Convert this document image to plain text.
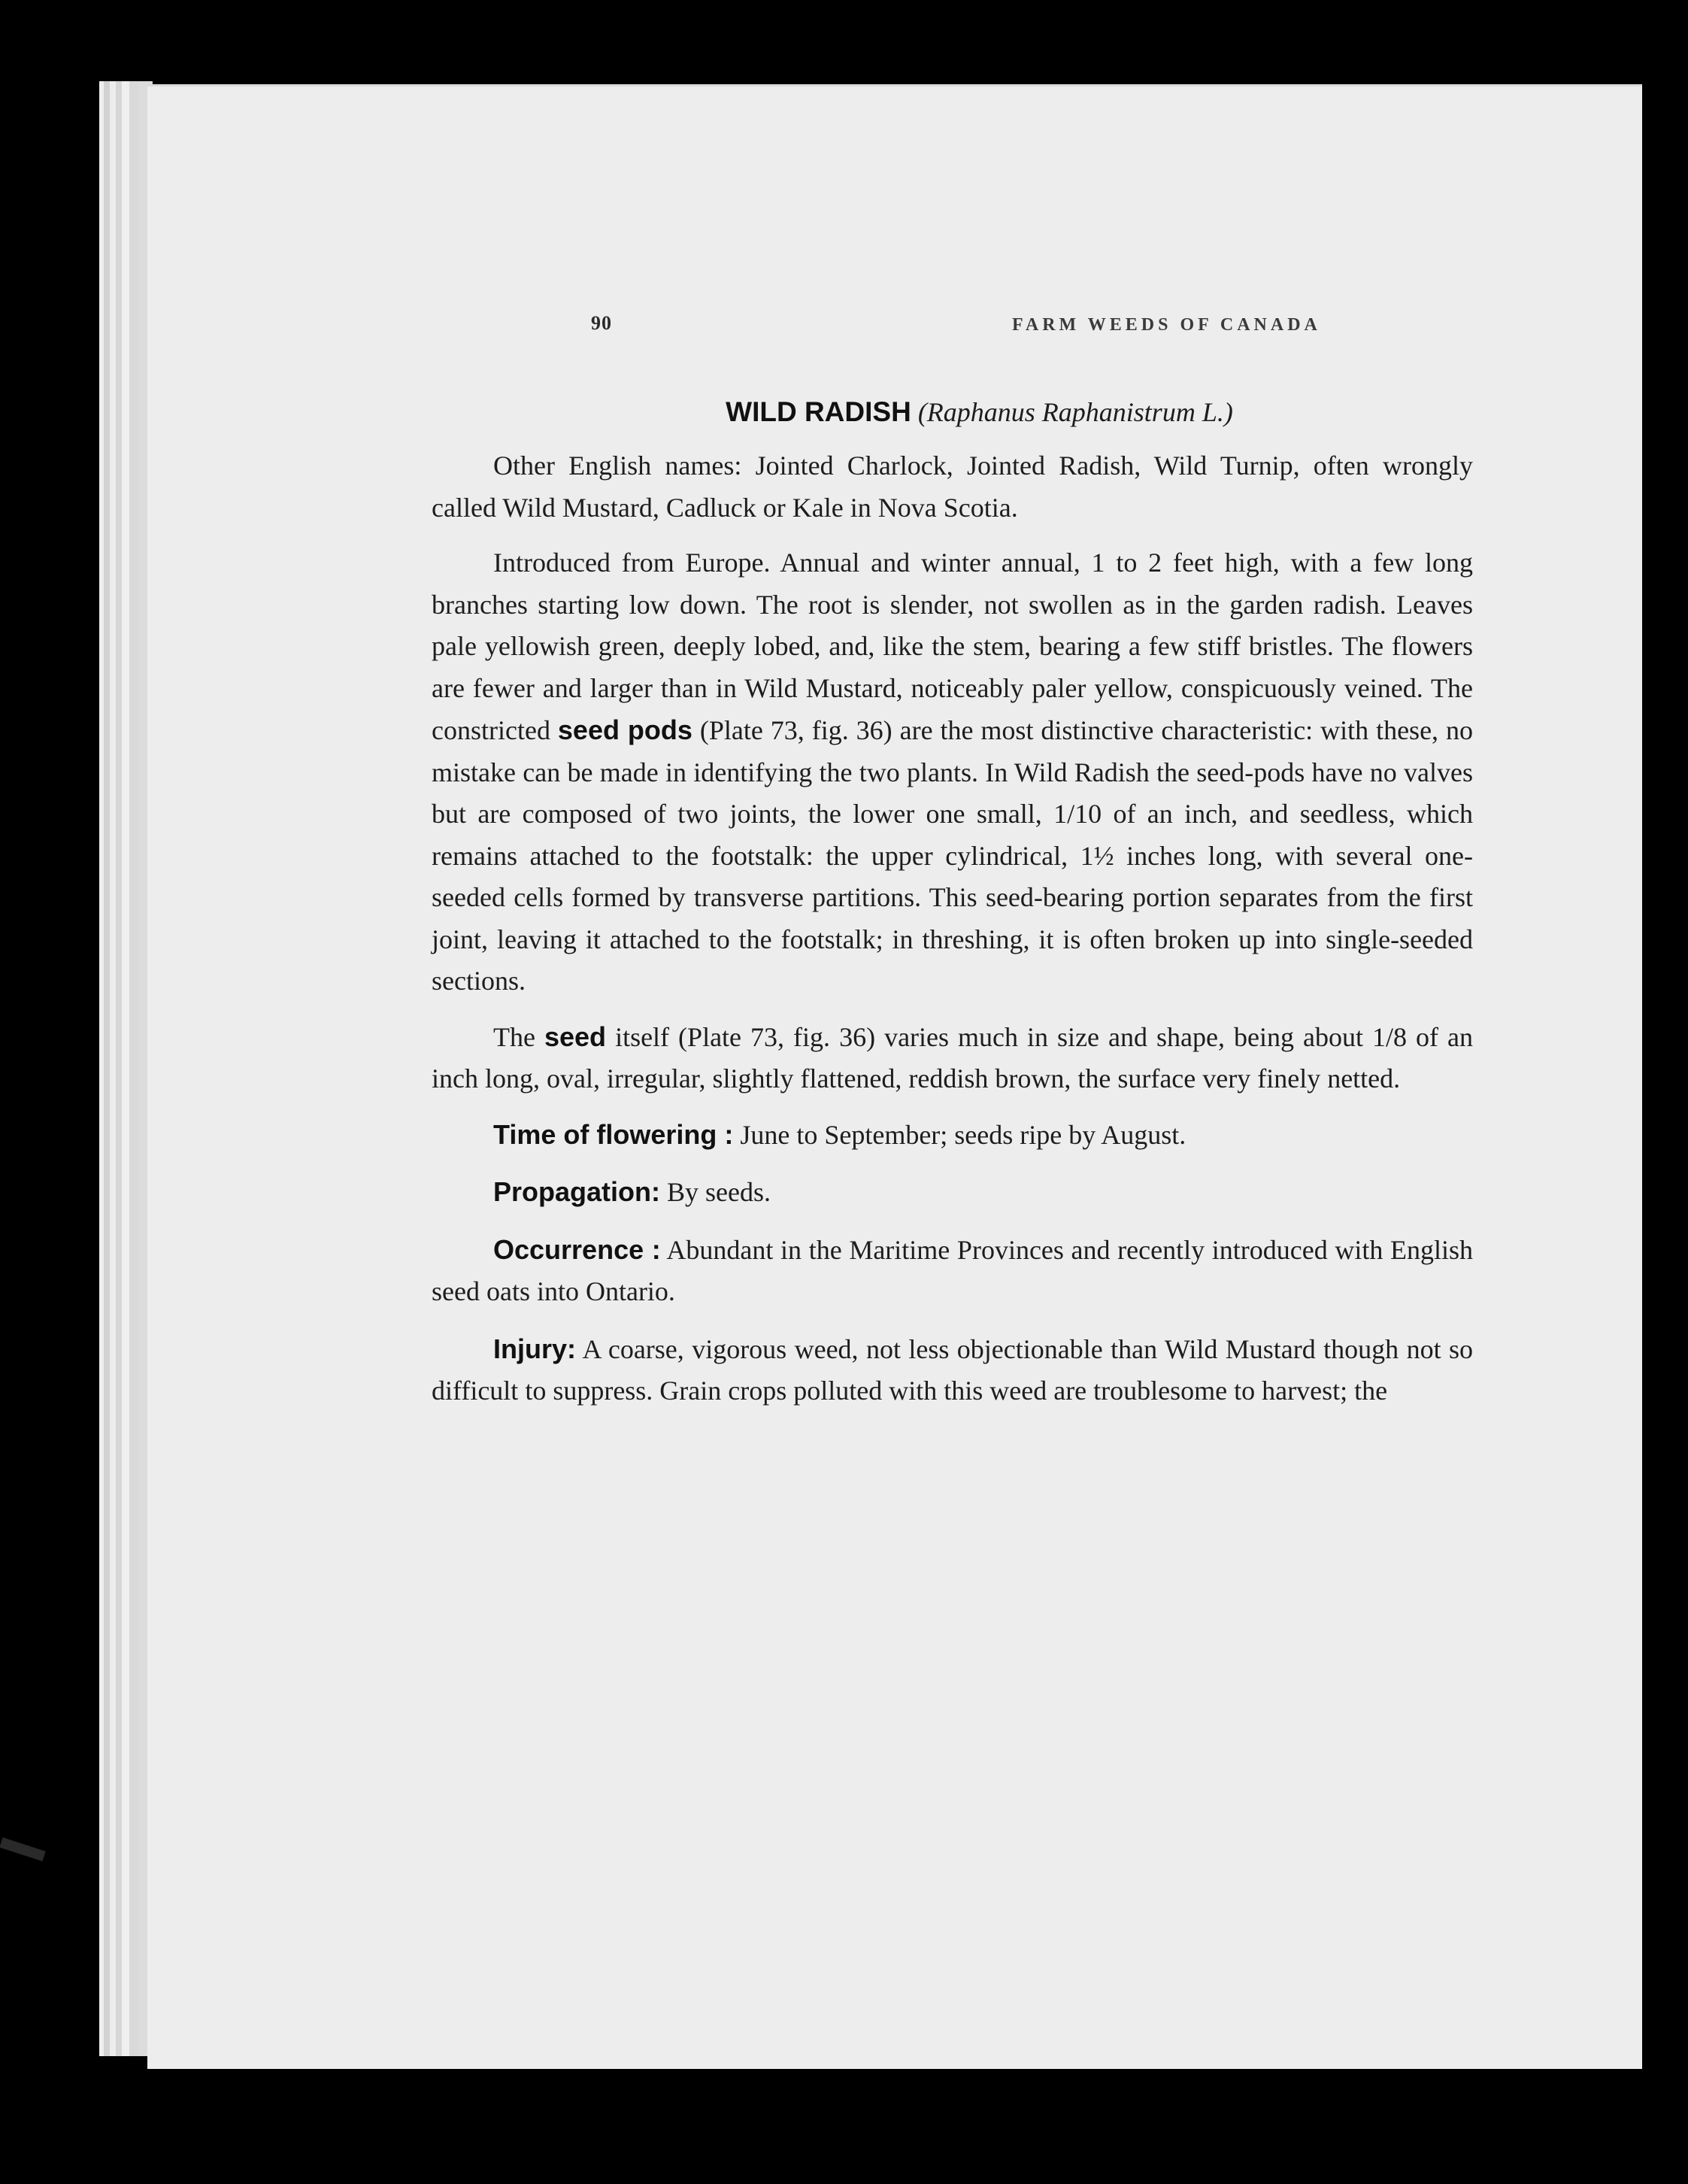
90	FARM WEEDS OF CANADA
WILD RADISH (Raphanus Raphanistrum L.)

Other English names: Jointed Charlock, Jointed Radish, Wild Turnip, often wrongly called Wild Mustard, Cadluck or Kale in Nova Scotia.

Introduced from Europe. Annual and winter annual, 1 to 2 feet high, with a few long branches starting low down. The root is slender, not swollen as in the garden radish. Leaves pale yellowish green, deeply lobed, and, like the stem, bearing a few stiff bristles. The flowers are fewer and larger than in Wild Mustard, noticeably paler yellow, conspicuously veined. The constricted seed pods (Plate 73, fig. 36) are the most distinctive characteristic: with these, no mistake can be made in identifying the two plants. In Wild Radish the seed-pods have no valves but are composed of two joints, the lower one small, 1/10 of an inch, and seedless, which remains attached to the footstalk: the upper cylindrical, 1½ inches long, with several one-seeded cells formed by transverse partitions. This seed-bearing portion separates from the first joint, leaving it attached to the footstalk; in threshing, it is often broken up into single-seeded sections.

The seed itself (Plate 73, fig. 36) varies much in size and shape, being about 1/8 of an inch long, oval, irregular, slightly flattened, reddish brown, the surface very finely netted.

Time of flowering : June to September; seeds ripe by August.

Propagation: By seeds.

Occurrence : Abundant in the Maritime Provinces and recently introduced with English seed oats into Ontario.

Injury: A coarse, vigorous weed, not less objectionable than Wild Mustard though not so difficult to suppress. Grain crops polluted with this weed are troublesome to harvest; the
